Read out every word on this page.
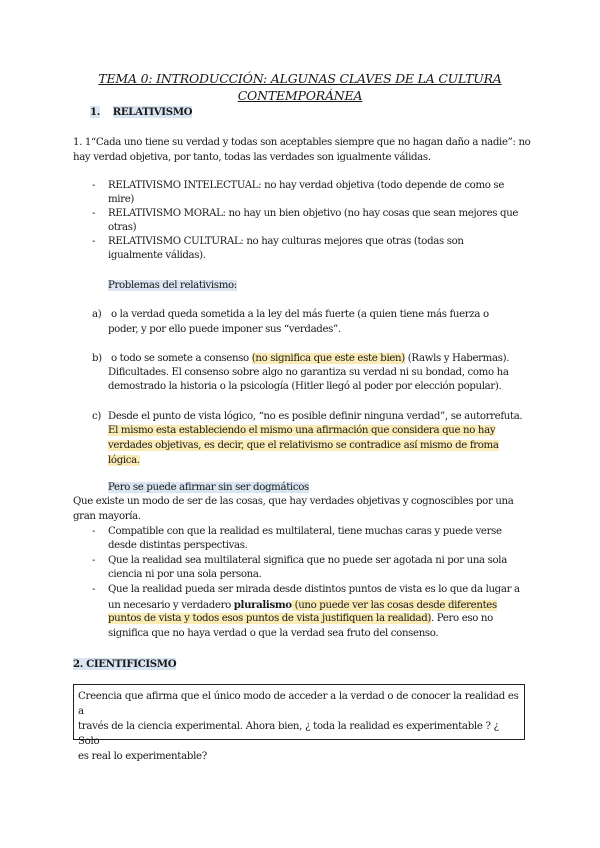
TEMA 0: INTRODUCCIÓN: ALGUNAS CLAVES DE LA CULTURA
CONTEMPORÁNEA
1. RELATIVISMO
1. 1“Cada uno tiene su verdad y todas son aceptables siempre que no hagan daño a nadie”: no
hay verdad objetiva, por tanto, todas las verdades son igualmente válidas.
- RELATIVISMO INTELECTUAL: no hay verdad objetiva (todo depende de como se
mire)
- RELATIVISMO MORAL: no hay un bien objetivo (no hay cosas que sean mejores que
otras)
- RELATIVISMO CULTURAL: no hay culturas mejores que otras (todas son
igualmente válidas).
Problemas del relativismo:
a) o la verdad queda sometida a la ley del más fuerte (a quien tiene más fuerza o
poder, y por ello puede imponer sus “verdades”.
b) o todo se somete a consenso (no significa que este este bien) (Rawls y Habermas).
Dificultades. El consenso sobre algo no garantiza su verdad ni su bondad, como ha
demostrado la historia o la psicología (Hitler llegó al poder por elección popular).
c) Desde el punto de vista lógico, “no es posible definir ninguna verdad”, se autorrefuta.
El mismo esta estableciendo el mismo una afirmación que considera que no hay
verdades objetivas, es decir, que el relativismo se contradice así mismo de froma
lógica.
Pero se puede afirmar sin ser dogmáticos
Que existe un modo de ser de las cosas, que hay verdades objetivas y cognoscibles por una
gran mayoría.
- Compatible con que la realidad es multilateral, tiene muchas caras y puede verse
desde distintas perspectivas.
- Que la realidad sea multilateral significa que no puede ser agotada ni por una sola
ciencia ni por una sola persona.
- Que la realidad pueda ser mirada desde distintos puntos de vista es lo que da lugar a
un necesario y verdadero pluralismo (uno puede ver las cosas desde diferentes
puntos de vista y todos esos puntos de vista justifiquen la realidad). Pero eso no
significa que no haya verdad o que la verdad sea fruto del consenso.
2. CIENTIFICISMO
Creencia que afirma que el único modo de acceder a la verdad o de conocer la realidad es a
través de la ciencia experimental. Ahora bien, ¿ toda la realidad es experimentable ? ¿ Solo
es real lo experimentable?
